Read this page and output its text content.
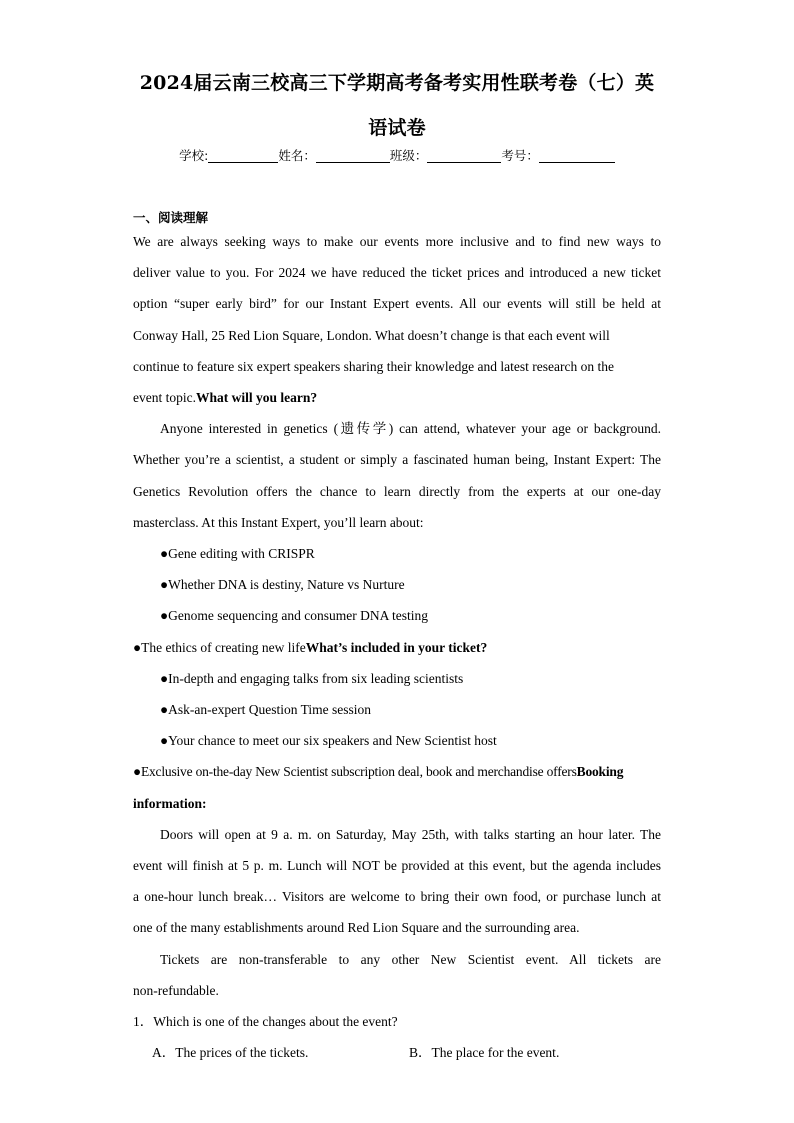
2024届云南三校高三下学期高考备考实用性联考卷（七）英
语试卷
学校:	姓名：	班级：	考号：
一、阅读理解
We are always seeking ways to make our events more inclusive and to find new ways to
deliver value to you. For 2024 we have reduced the ticket prices and introduced a new ticket
option “super early bird” for our Instant Expert events. All our events will still be held at
Conway Hall, 25 Red Lion Square, London. What doesn’t change is that each event will
continue to feature six expert speakers sharing their knowledge and latest research on the
event topic.What will you learn?
Anyone interested in genetics (遗传学) can attend, whatever your age or background.
Whether you’re a scientist, a student or simply a fascinated human being, Instant Expert: The
Genetics Revolution offers the chance to learn directly from the experts at our one-day
masterclass. At this Instant Expert, you’ll learn about:
●Gene editing with CRISPR
●Whether DNA is destiny, Nature vs Nurture
●Genome sequencing and consumer DNA testing
●The ethics of creating new lifeWhat’s included in your ticket?
●In-depth and engaging talks from six leading scientists
●Ask-an-expert Question Time session
●Your chance to meet our six speakers and New Scientist host
●Exclusive on-the-day New Scientist subscription deal, book and merchandise offersBooking
information:
Doors will open at 9 a. m. on Saturday, May 25th, with talks starting an hour later. The
event will finish at 5 p. m. Lunch will NOT be provided at this event, but the agenda includes
a one-hour lunch break… Visitors are welcome to bring their own food, or purchase lunch at
one of the many establishments around Red Lion Square and the surrounding area.
Tickets are non-transferable to any other New Scientist event. All tickets are
non-refundable.
1．Which is one of the changes about the event?
A．The prices of the tickets.	B．The place for the event.
